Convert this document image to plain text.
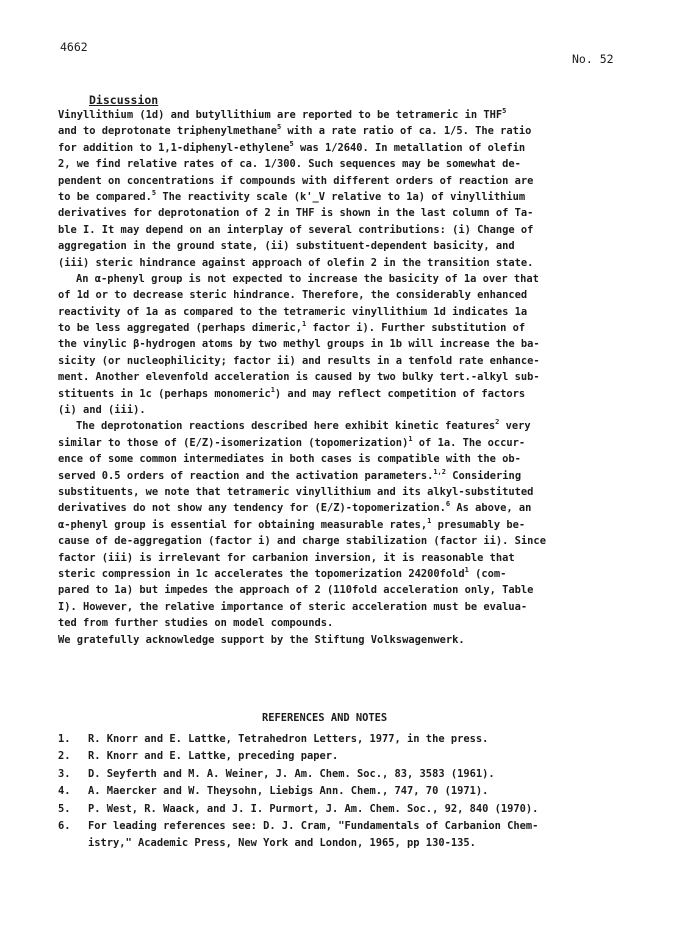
4662
No. 52
Discussion
Vinyllithium (1d) and butyllithium are reported to be tetrameric in THF$^5$
and to deprotonate triphenylmethane$^5$ with a rate ratio of ca. 1/5. The ratio
for addition to 1,1-diphenyl-ethylene$^5$ was 1/2640. In metallation of olefin
2, we find relative rates of ca. 1/300. Such sequences may be somewhat de-
pendent on concentrations if compounds with different orders of reaction are
to be compared.$^5$ The reactivity scale (k'_V relative to 1a) of vinyllithium
derivatives for deprotonation of 2 in THF is shown in the last column of Ta-
ble I. It may depend on an interplay of several contributions: (i) Change of
aggregation in the ground state, (ii) substituent-dependent basicity, and
(iii) steric hindrance against approach of olefin 2 in the transition state.
An α-phenyl group is not expected to increase the basicity of 1a over that
of 1d or to decrease steric hindrance. Therefore, the considerably enhanced
reactivity of 1a as compared to the tetrameric vinyllithium 1d indicates 1a
to be less aggregated (perhaps dimeric,$^1$ factor i). Further substitution of
the vinylic β-hydrogen atoms by two methyl groups in 1b will increase the ba-
sicity (or nucleophilicity; factor ii) and results in a tenfold rate enhance-
ment. Another elevenfold acceleration is caused by two bulky tert.-alkyl sub-
stituents in 1c (perhaps monomeric$^1$) and may reflect competition of factors
(i) and (iii).
The deprotonation reactions described here exhibit kinetic features$^2$ very
similar to those of (E/Z)-isomerization (topomerization)$^1$ of 1a. The occur-
ence of some common intermediates in both cases is compatible with the ob-
served 0.5 orders of reaction and the activation parameters.$^{1,2}$ Considering
substituents, we note that tetrameric vinyllithium and its alkyl-substituted
derivatives do not show any tendency for (E/Z)-topomerization.$^6$ As above, an
α-phenyl group is essential for obtaining measurable rates,$^1$ presumably be-
cause of de-aggregation (factor i) and charge stabilization (factor ii). Since
factor (iii) is irrelevant for carbanion inversion, it is reasonable that
steric compression in 1c accelerates the topomerization 24200fold$^1$ (com-
pared to 1a) but impedes the approach of 2 (110fold acceleration only, Table
I). However, the relative importance of steric acceleration must be evalua-
ted from further studies on model compounds.
We gratefully acknowledge support by the Stiftung Volkswagenwerk.
REFERENCES AND NOTES
1.	R. Knorr and E. Lattke, Tetrahedron Letters, 1977, in the press.
2.	R. Knorr and E. Lattke, preceding paper.
3.	D. Seyferth and M. A. Weiner, J. Am. Chem. Soc., 83, 3583 (1961).
4.	A. Maercker and W. Theysohn, Liebigs Ann. Chem., 747, 70 (1971).
5.	P. West, R. Waack, and J. I. Purmort, J. Am. Chem. Soc., 92, 840 (1970).
6.	For leading references see: D. J. Cram, "Fundamentals of Carbanion Chem-
istry," Academic Press, New York and London, 1965, pp 130-135.
